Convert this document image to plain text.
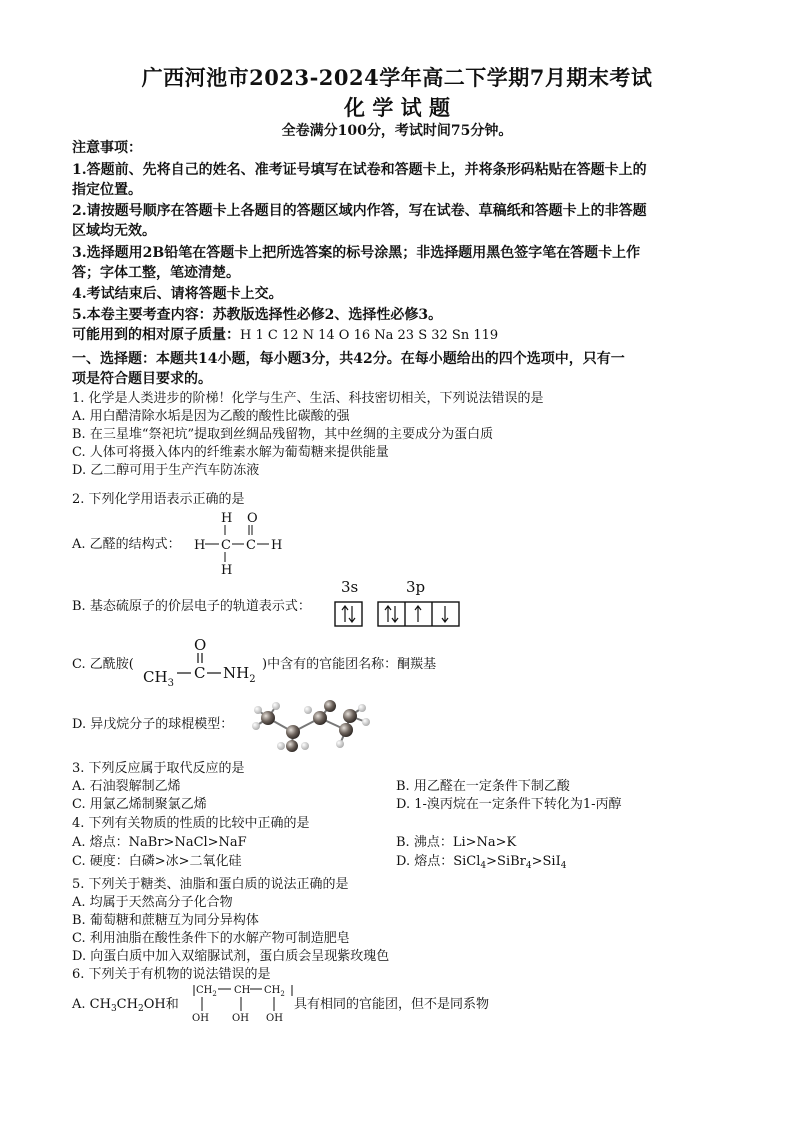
广西河池市2023-2024学年高二下学期7月期末考试
化 学 试 题
全卷满分100分，考试时间75分钟。
注意事项：
1.答题前、先将自己的姓名、准考证号填写在试卷和答题卡上，并将条形码粘贴在答题卡上的
指定位置。
2.请按题号顺序在答题卡上各题目的答题区域内作答，写在试卷、草稿纸和答题卡上的非答题
区域均无效。
3.选择题用2B铅笔在答题卡上把所选答案的标号涂黑；非选择题用黑色签字笔在答题卡上作
答；字体工整，笔迹清楚。
4.考试结束后、请将答题卡上交。
5.本卷主要考查内容：苏教版选择性必修2、选择性必修3。
可能用到的相对原子质量：H 1 C 12 N 14 O 16 Na 23 S 32 Sn 119
一、选择题：本题共14小题，每小题3分，共42分。在每小题给出的四个选项中，只有一
项是符合题目要求的。
1. 化学是人类进步的阶梯！化学与生产、生活、科技密切相关，下列说法错误的是
A. 用白醋清除水垢是因为乙酸的酸性比碳酸的强
B. 在三星堆“祭祀坑”提取到丝绸品残留物，其中丝绸的主要成分为蛋白质
C. 人体可将摄入体内的纤维素水解为葡萄糖来提供能量
D. 乙二醇可用于生产汽车防冻液
2. 下列化学用语表示正确的是
A. 乙醛的结构式：
H O
H C C H
H
B. 基态硫原子的价层电子的轨道表示式：
3s	3p
C. 乙酰胺(
O
$CH_3$
C $NH_2$
)中含有的官能团名称：酮羰基
D. 异戊烷分子的球棍模型：
3. 下列反应属于取代反应的是
A. 石油裂解制乙烯	B. 用乙醛在一定条件下制乙酸
C. 用氯乙烯制聚氯乙烯	D. 1-溴丙烷在一定条件下转化为1-丙醇
4. 下列有关物质的性质的比较中正确的是
A. 熔点：NaBr>NaCl>NaF	B. 沸点：Li>Na>K
C. 硬度：白磷>冰>二氧化硅	D. 熔点：SiCl$_4$>SiBr$_4$>SiI$_4$
5. 下列关于糖类、油脂和蛋白质的说法正确的是
A. 均属于天然高分子化合物
B. 葡萄糖和蔗糖互为同分异构体
C. 利用油脂在酸性条件下的水解产物可制造肥皂
D. 向蛋白质中加入双缩脲试剂，蛋白质会呈现紫玫瑰色
6. 下列关于有机物的说法错误的是
A. $CH_3CH_2OH$和
$CH_2$ CH $CH_2$
OH OH OH
具有相同的官能团，但不是同系物
